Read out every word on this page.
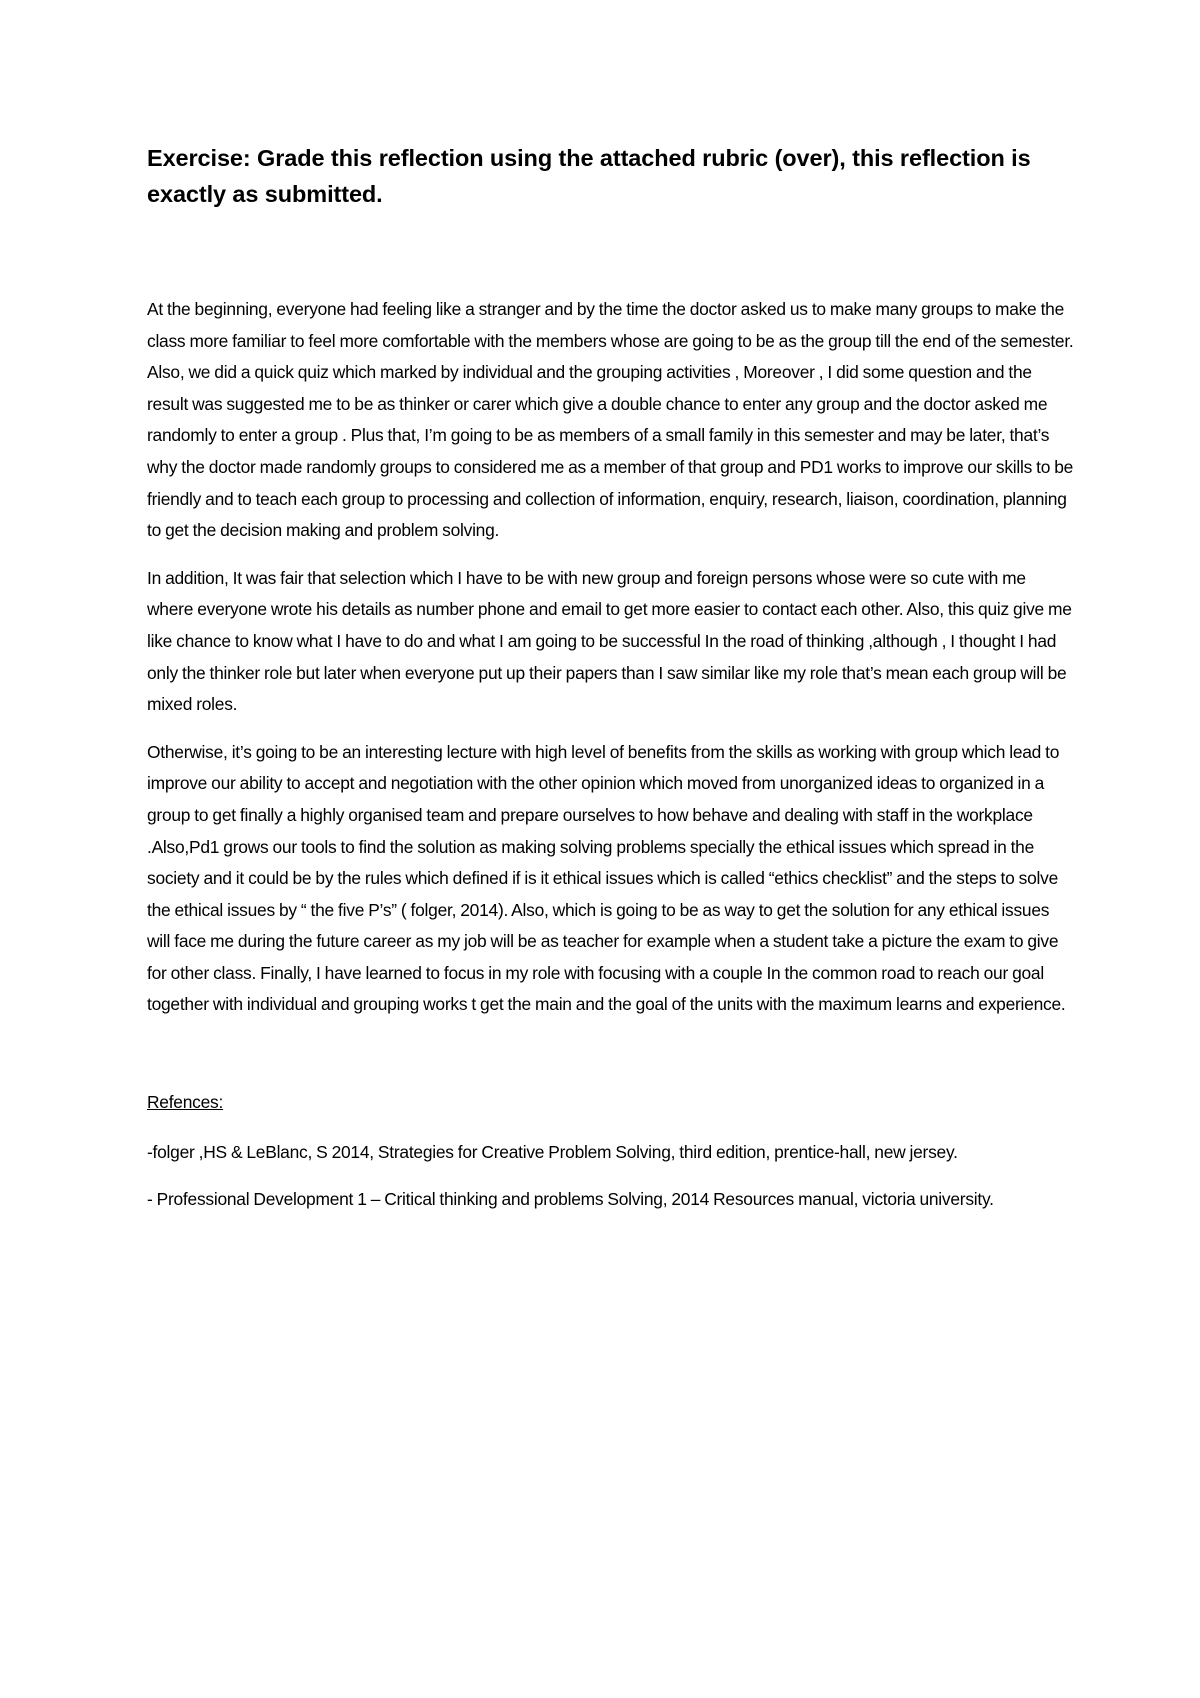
Exercise: Grade this reflection using the attached rubric (over), this reflection is exactly as submitted.

At the beginning, everyone had feeling like a stranger and by the time the doctor asked us to make many groups to make the class more familiar to feel more comfortable with the members whose are going to be as the group till the end of the semester. Also, we did a quick quiz which marked by individual and the grouping activities , Moreover , I did some question and the result was suggested me to be as thinker or carer which give a double chance to enter any group and the doctor asked me randomly to enter a group . Plus that, I’m going to be as members of a small family in this semester and may be later, that’s why the doctor made randomly groups to considered me as a member of that group and PD1 works to improve our skills to be friendly and to teach each group to processing and collection of information, enquiry, research, liaison, coordination, planning to get the decision making and problem solving.

In addition, It was fair that selection which I have to be with new group and foreign persons whose were so cute with me where everyone wrote his details as number phone and email to get more easier to contact each other. Also, this quiz give me like chance to know what I have to do and what I am going to be successful In the road of thinking ,although , I thought I had only the thinker role but later when everyone put up their papers than I saw similar like my role that’s mean each group will be mixed roles.

Otherwise, it’s going to be an interesting lecture with high level of benefits from the skills as working with group which lead to improve our ability to accept and negotiation with the other opinion which moved from unorganized ideas to organized in a group to get finally a highly organised team and prepare ourselves to how behave and dealing with staff in the workplace .Also,Pd1 grows our tools to find the solution as making solving problems specially the ethical issues which spread in the society and it could be by the rules which defined if is it ethical issues which is called “ethics checklist” and the steps to solve the ethical issues by “ the five P’s” ( folger, 2014). Also, which is going to be as way to get the solution for any ethical issues will face me during the future career as my job will be as teacher for example when a student take a picture the exam to give for other class. Finally, I have learned to focus in my role with focusing with a couple In the common road to reach our goal together with individual and grouping works t get the main and the goal of the units with the maximum learns and experience.

Refences:

-folger ,HS & LeBlanc, S 2014, Strategies for Creative Problem Solving, third edition, prentice-hall, new jersey.

- Professional Development 1 – Critical thinking and problems Solving, 2014 Resources manual, victoria university.
